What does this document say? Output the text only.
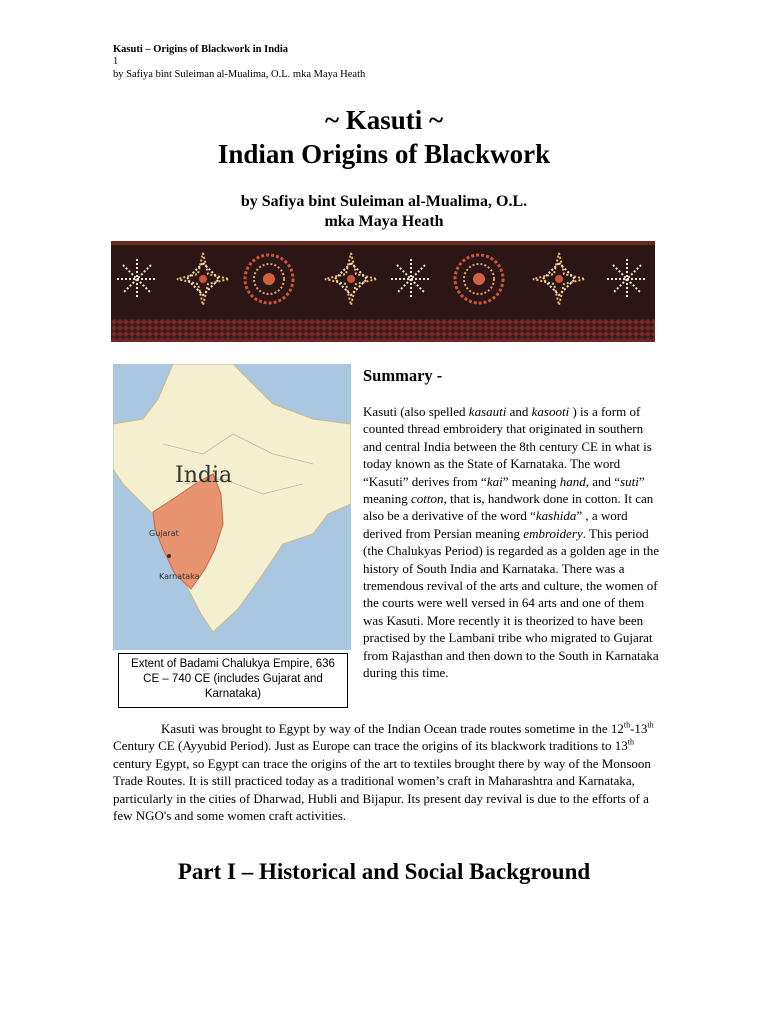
Kasuti – Origins of Blackwork in India
1
by Safiya bint Suleiman al-Mualima, O.L. mka Maya Heath
~ Kasuti ~
Indian Origins of Blackwork
by Safiya bint Suleiman al-Mualima, O.L.
mka Maya Heath
India
Gujarat
Karnataka
Extent of Badami Chalukya Empire, 636 CE – 740 CE (includes Gujarat and Karnataka)
Summary -
Kasuti (also spelled kasauti and kasooti ) is a form of counted thread embroidery that originated in southern and central India between the 8th century CE in what is today known as the State of Karnataka. The word “Kasuti” derives from “kai” meaning hand, and “suti” meaning cotton, that is, handwork done in cotton. It can also be a derivative of the word “kashida” , a word derived from Persian meaning embroidery. This period (the Chalukyas Period) is regarded as a golden age in the history of South India and Karnataka. There was a tremendous revival of the arts and culture, the women of the courts were well versed in 64 arts and one of them was Kasuti. More recently it is theorized to have been practised by the Lambani tribe who migrated to Gujarat from Rajasthan and then down to the South in Karnataka during this time.
Kasuti was brought to Egypt by way of the Indian Ocean trade routes sometime in the 12th-13th Century CE (Ayyubid Period). Just as Europe can trace the origins of its blackwork traditions to 13th century Egypt, so Egypt can trace the origins of the art to textiles brought there by way of the Monsoon Trade Routes. It is still practiced today as a traditional women’s craft in Maharashtra and Karnataka, particularly in the cities of Dharwad, Hubli and Bijapur. Its present day revival is due to the efforts of a few NGO's and some women craft activities.
Part I – Historical and Social Background
